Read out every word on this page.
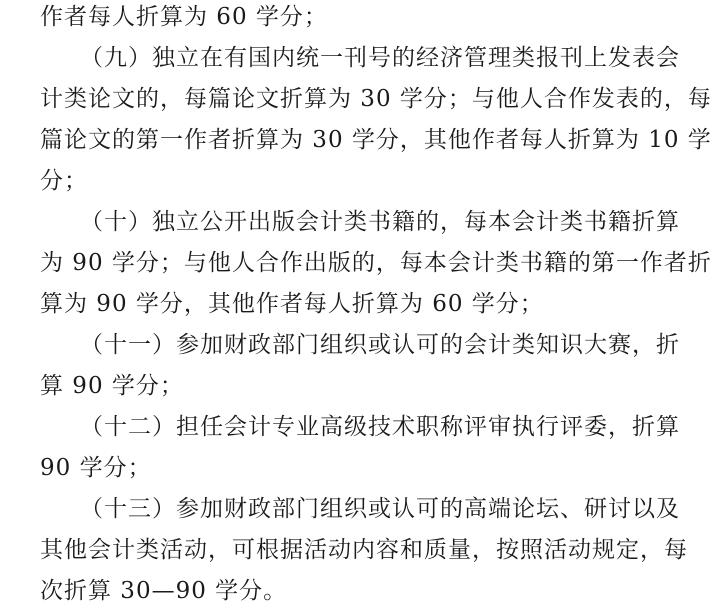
作者每人折算为 60 学分；
（九）独立在有国内统一刊号的经济管理类报刊上发表会
计类论文的，每篇论文折算为 30 学分；与他人合作发表的，每
篇论文的第一作者折算为 30 学分，其他作者每人折算为 10 学
分；
（十）独立公开出版会计类书籍的，每本会计类书籍折算
为 90 学分；与他人合作出版的，每本会计类书籍的第一作者折
算为 90 学分，其他作者每人折算为 60 学分；
（十一）参加财政部门组织或认可的会计类知识大赛，折
算 90 学分；
（十二）担任会计专业高级技术职称评审执行评委，折算
90 学分；
（十三）参加财政部门组织或认可的高端论坛、研讨以及
其他会计类活动，可根据活动内容和质量，按照活动规定，每
次折算 30—90 学分。
